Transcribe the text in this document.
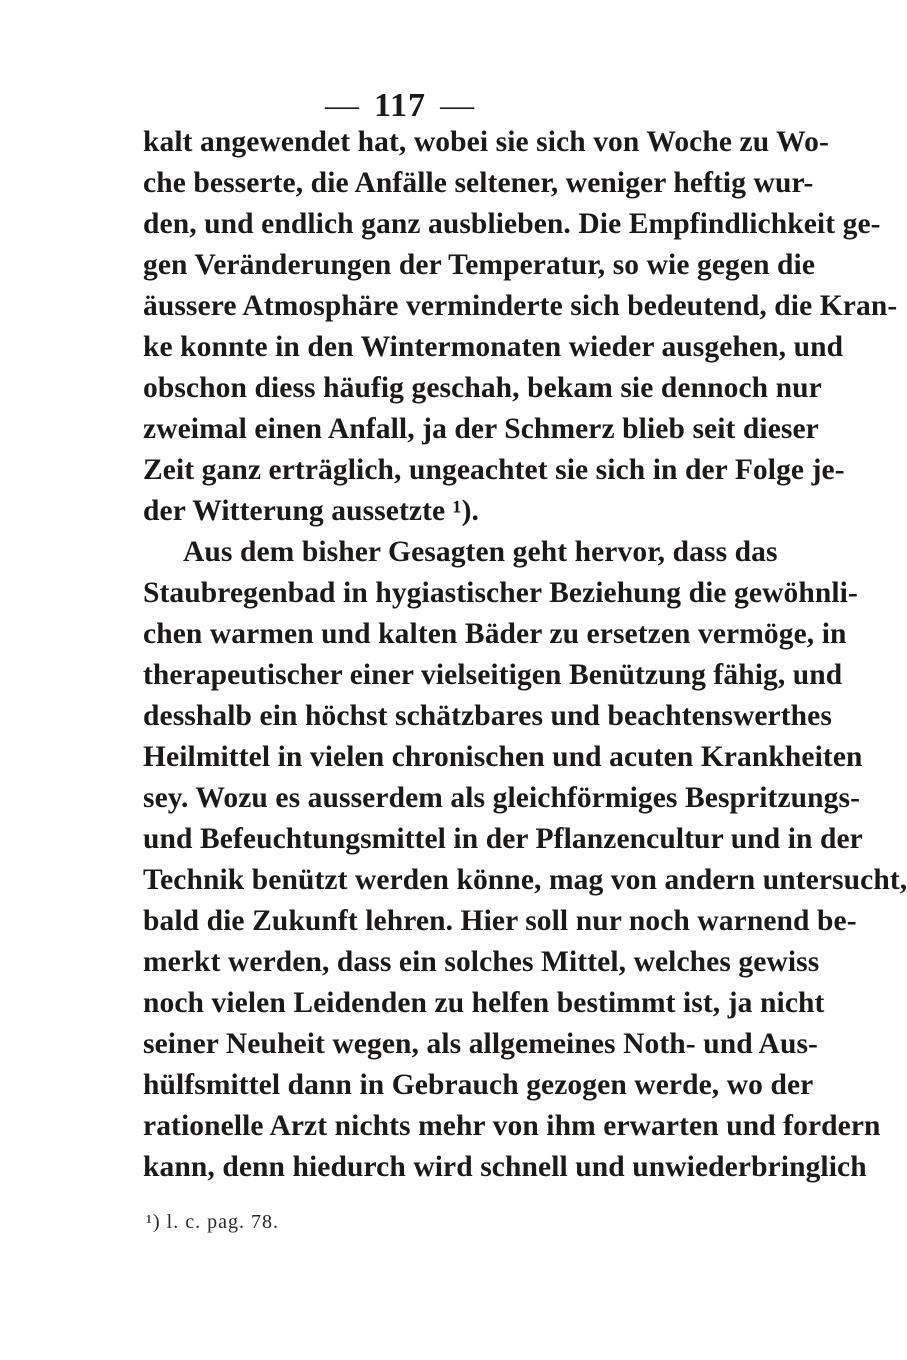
— 117 —
kalt angewendet hat, wobei sie sich von Woche zu Wo-
che besserte, die Anfälle seltener, weniger heftig wur-
den, und endlich ganz ausblieben. Die Empfindlichkeit ge-
gen Veränderungen der Temperatur, so wie gegen die
äussere Atmosphäre verminderte sich bedeutend, die Kran-
ke konnte in den Wintermonaten wieder ausgehen, und
obschon diess häufig geschah, bekam sie dennoch nur
zweimal einen Anfall, ja der Schmerz blieb seit dieser
Zeit ganz erträglich, ungeachtet sie sich in der Folge je-
der Witterung aussetzte ¹).
Aus dem bisher Gesagten geht hervor, dass das
Staubregenbad in hygiastischer Beziehung die gewöhnli-
chen warmen und kalten Bäder zu ersetzen vermöge, in
therapeutischer einer vielseitigen Benützung fähig, und
desshalb ein höchst schätzbares und beachtenswerthes
Heilmittel in vielen chronischen und acuten Krankheiten
sey. Wozu es ausserdem als gleichförmiges Bespritzungs-
und Befeuchtungsmittel in der Pflanzencultur und in der
Technik benützt werden könne, mag von andern untersucht,
bald die Zukunft lehren. Hier soll nur noch warnend be-
merkt werden, dass ein solches Mittel, welches gewiss
noch vielen Leidenden zu helfen bestimmt ist, ja nicht
seiner Neuheit wegen, als allgemeines Noth- und Aus-
hülfsmittel dann in Gebrauch gezogen werde, wo der
rationelle Arzt nichts mehr von ihm erwarten und fordern
kann, denn hiedurch wird schnell und unwiederbringlich
¹) l. c. pag. 78.
